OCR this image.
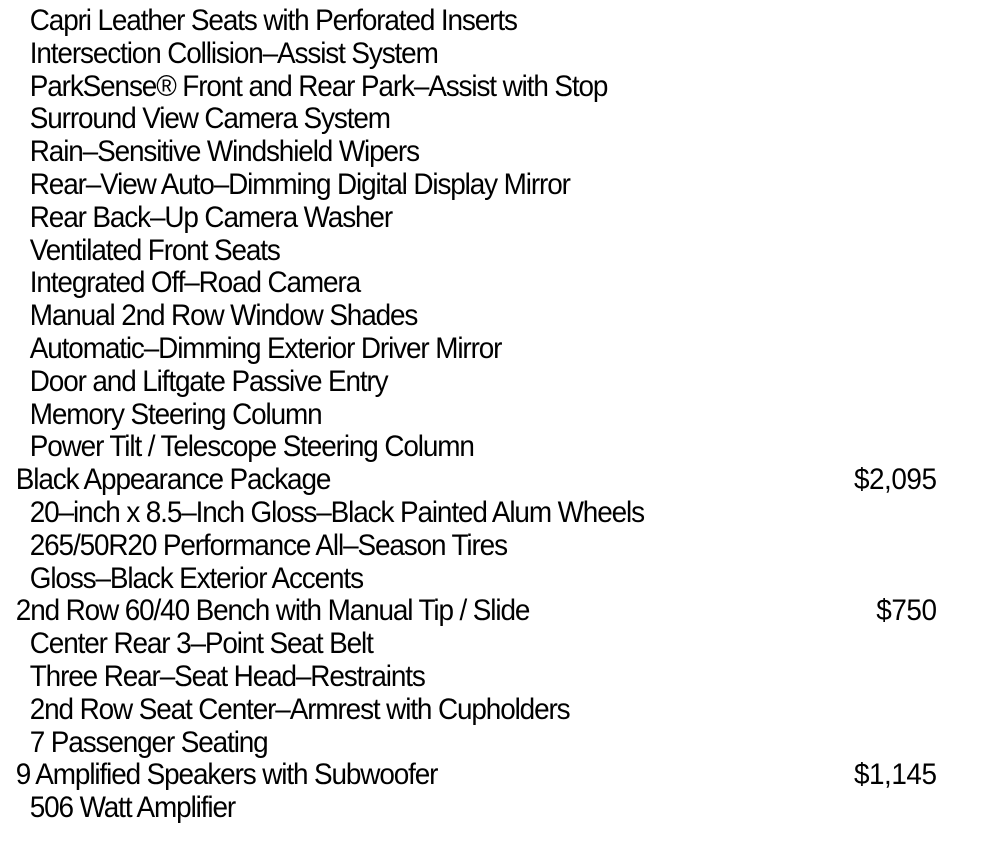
Capri Leather Seats with Perforated Inserts
Intersection Collision–Assist System
ParkSense® Front and Rear Park–Assist with Stop
Surround View Camera System
Rain–Sensitive Windshield Wipers
Rear–View Auto–Dimming Digital Display Mirror
Rear Back–Up Camera Washer
Ventilated Front Seats
Integrated Off–Road Camera
Manual 2nd Row Window Shades
Automatic–Dimming Exterior Driver Mirror
Door and Liftgate Passive Entry
Memory Steering Column
Power Tilt / Telescope Steering Column
Black Appearance Package	$2,095
20–inch x 8.5–Inch Gloss–Black Painted Alum Wheels
265/50R20 Performance All–Season Tires
Gloss–Black Exterior Accents
2nd Row 60/40 Bench with Manual Tip / Slide	$750
Center Rear 3–Point Seat Belt
Three Rear–Seat Head–Restraints
2nd Row Seat Center–Armrest with Cupholders
7 Passenger Seating
9 Amplified Speakers with Subwoofer	$1,145
506 Watt Amplifier
